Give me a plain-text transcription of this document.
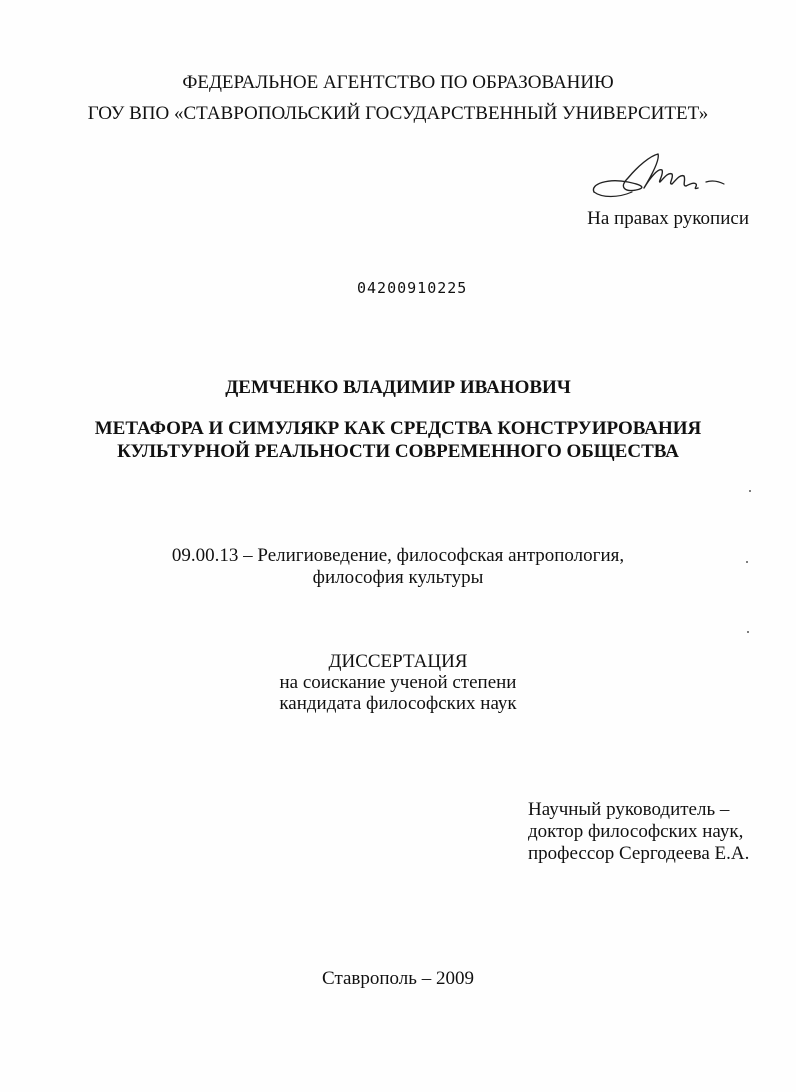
ФЕДЕРАЛЬНОЕ АГЕНТСТВО ПО ОБРАЗОВАНИЮ
ГОУ ВПО «СТАВРОПОЛЬСКИЙ ГОСУДАРСТВЕННЫЙ УНИВЕРСИТЕТ»
На правах рукописи
04200910225
ДЕМЧЕНКО ВЛАДИМИР ИВАНОВИЧ
МЕТАФОРА И СИМУЛЯКР КАК СРЕДСТВА КОНСТРУИРОВАНИЯ
КУЛЬТУРНОЙ РЕАЛЬНОСТИ СОВРЕМЕННОГО ОБЩЕСТВА
09.00.13 – Религиоведение, философская антропология,
философия культуры
ДИССЕРТАЦИЯ
на соискание ученой степени
кандидата философских наук
Научный руководитель –
доктор философских наук,
профессор Сергодеева Е.А.
Ставрополь – 2009
